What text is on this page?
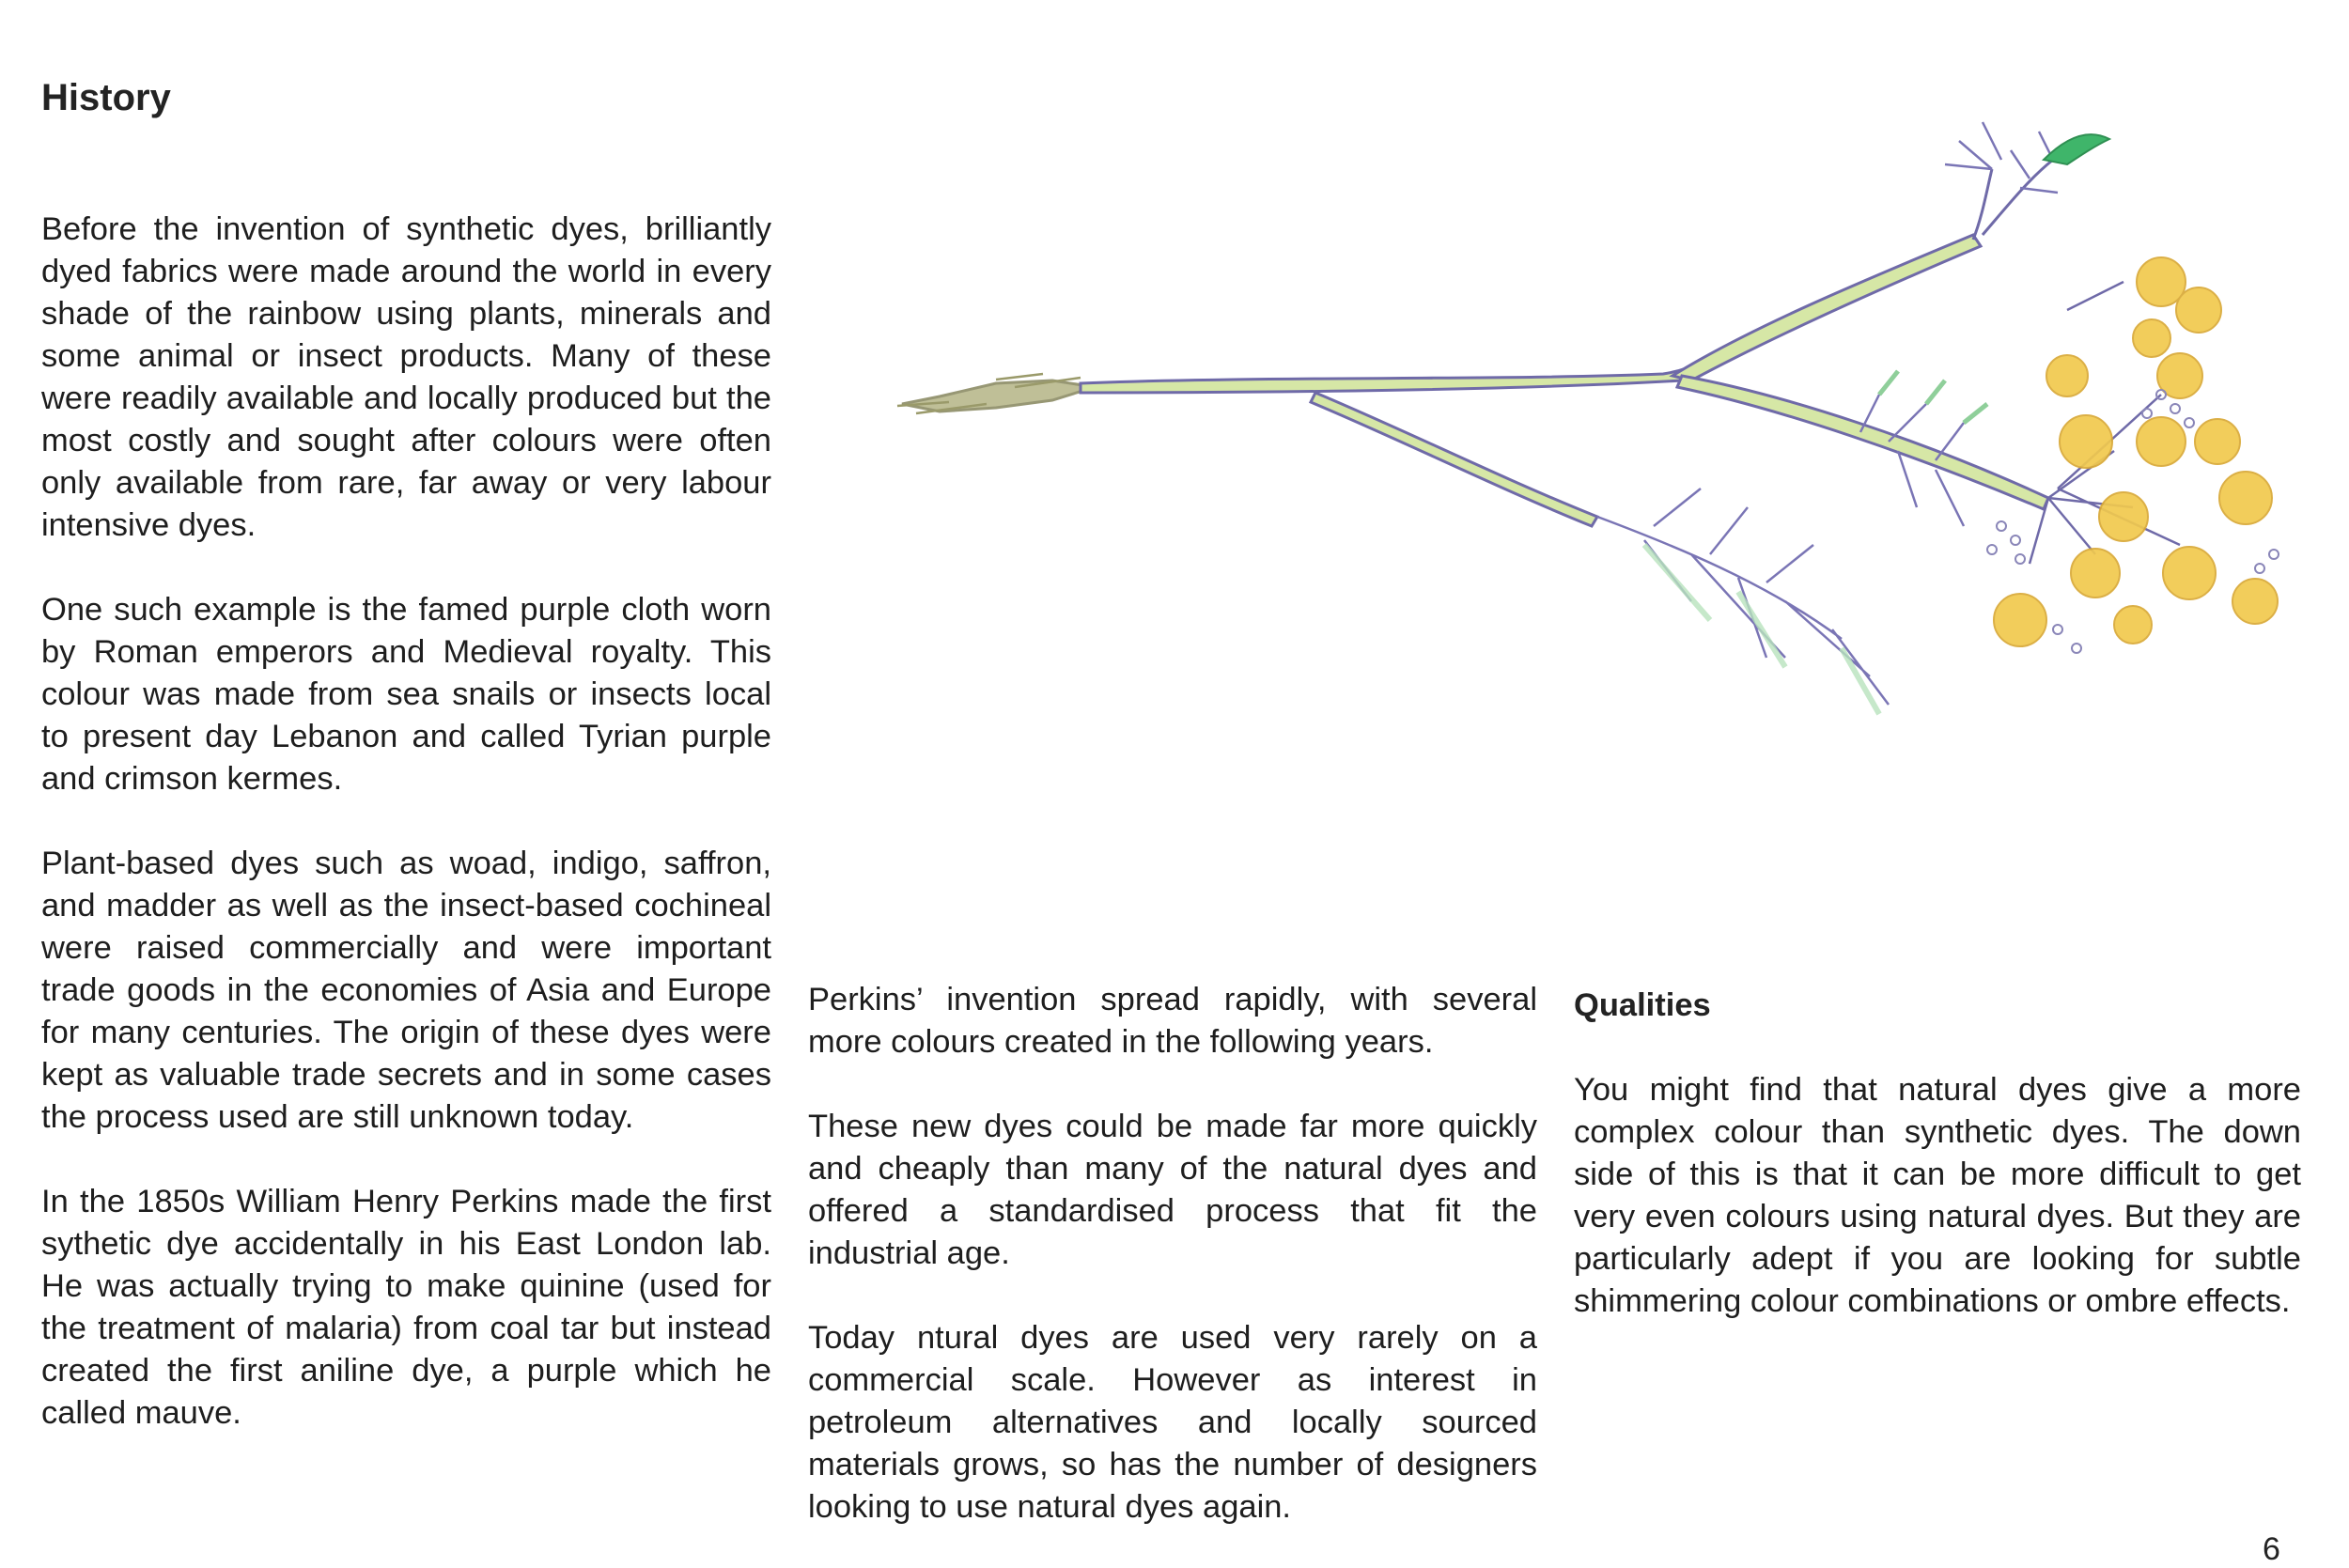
History

Before the invention of synthetic dyes, brilliantly dyed fabrics were made around the world in every shade of the rainbow using plants, minerals and some animal or insect products. Many of these were readily available and locally produced but the most costly and sought after colours were often only available from rare, far away or very labour intensive dyes.

One such example is the famed purple cloth worn by Roman emperors and Medieval royalty. This colour was made from sea snails or insects local to present day Lebanon and called Tyrian purple and crimson kermes.

Plant-based dyes such as woad, indigo, saffron, and madder as well as the insect-based cochineal were raised commercially and were important trade goods in the economies of Asia and Europe for many centuries. The origin of these dyes were kept as valuable trade secrets and in some cases the process used are still unknown today.

In the 1850s William Henry Perkins made the first sythetic dye accidentally in his East London lab. He was actually trying to make quinine (used for the treatment of malaria) from coal tar but instead created the first aniline dye, a purple which he called mauve.

Perkins’ invention spread rapidly, with several more colours created in the following years.

These new dyes could be made far more quickly and cheaply than many of the natural dyes and offered a standardised process that fit the industrial age.

Today ntural dyes are used very rarely on a commercial scale. However as interest in petroleum alternatives and locally sourced materials grows, so has the number of designers looking to use natural dyes again.

Qualities

You might find that natural dyes give a more complex colour than synthetic dyes. The down side of this is that it can be more difficult to get very even colours using natural dyes. But they are particularly adept if you are looking for subtle shimmering colour combinations or ombre effects.

6
